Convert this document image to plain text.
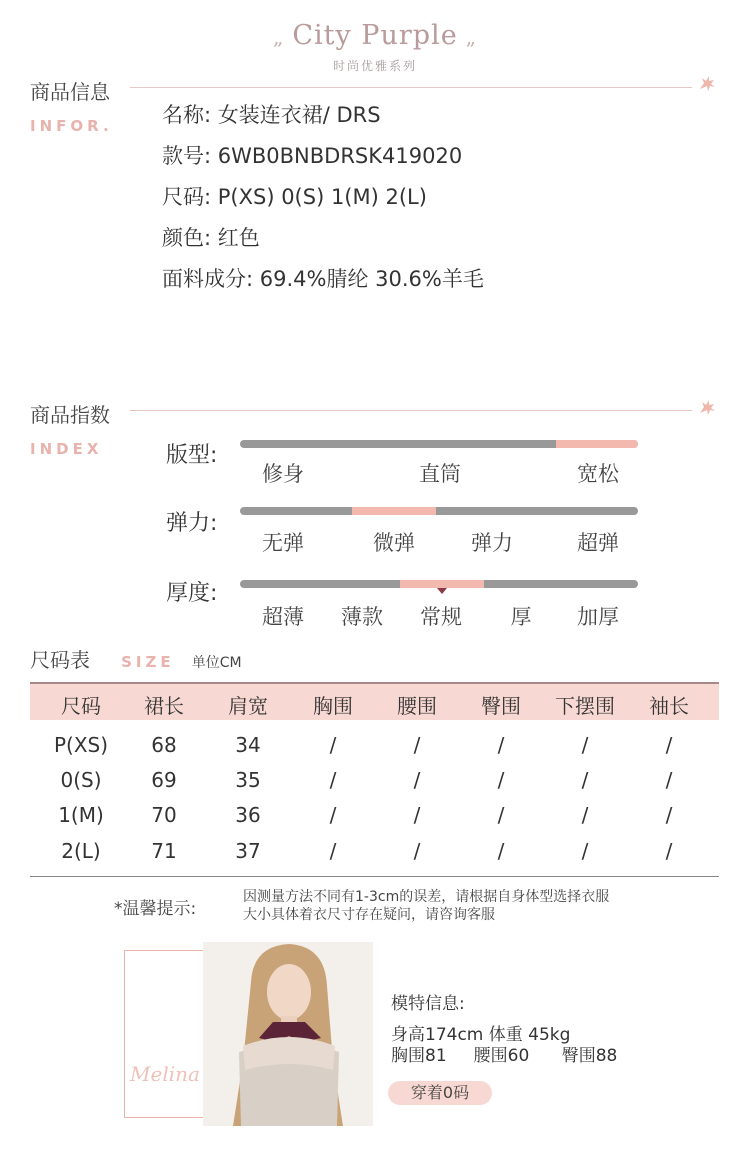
„ City Purple „
时尚优雅系列
商品信息
INFOR. 名称: 女装连衣裙/ DRS
款号: 6WB0BNBDRSK419020
尺码: P(XS) 0(S) 1(M) 2(L)
颜色: 红色
面料成分: 69.4%腈纶 30.6%羊毛
商品指数
INDEX	版型:
修身	直筒	宽松
弹力:
无弹	微弹	弹力	超弹
厚度:
超薄	薄款	常规	厚	加厚
尺码表 SIZE 单位CM
尺码	裙长	肩宽	胸围	腰围	臀围	下摆围	袖长
P(XS)	68	34	/	/	/	/	/
0(S)	69	35	/	/	/	/	/
1(M)	70	36	/	/	/	/	/
2(L)	71	37	/	/	/	/	/
*温馨提示:
因测量方法不同有1-3cm的误差，请根据自身体型选择衣服
大小具体着衣尺寸存在疑问，请咨询客服
Melina
模特信息:
身高174cm 体重 45kg
胸围81     腰围60      臀围88
穿着0码
